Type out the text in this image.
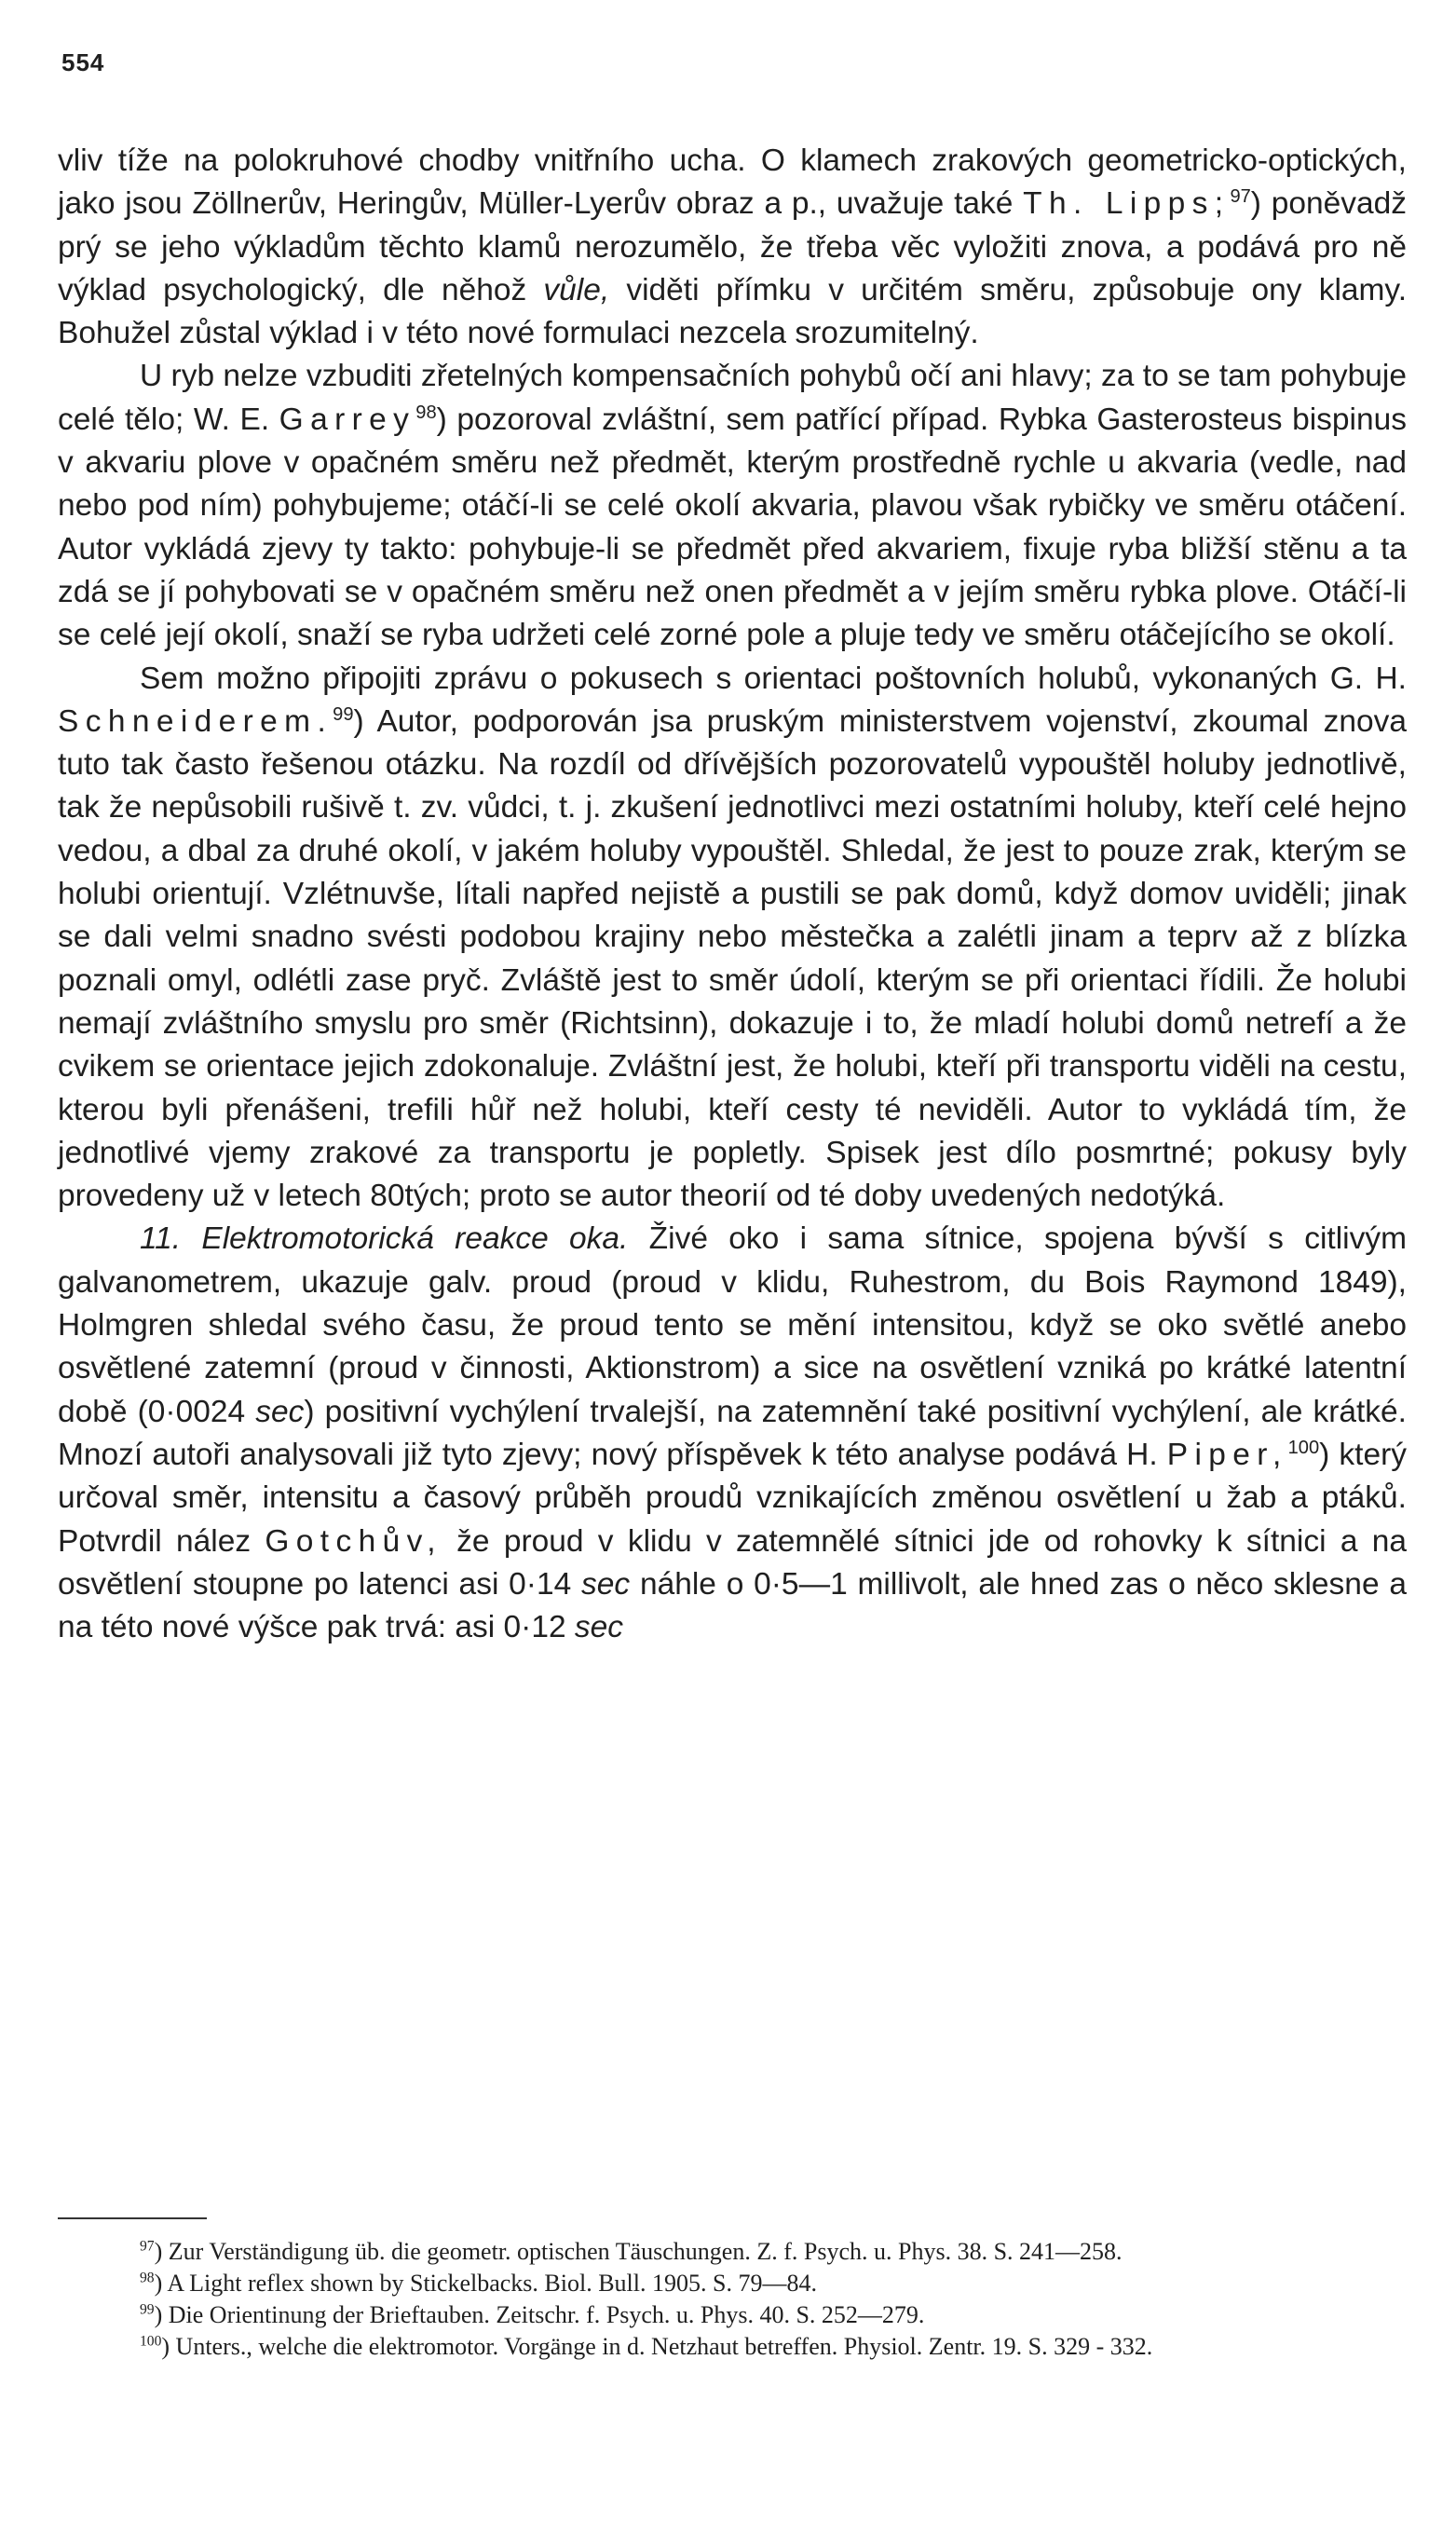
554

vliv tíže na polokruhové chodby vnitřního ucha. O klamech zrakových geometricko-optických, jako jsou Zöllnerův, Heringův, Müller-Lyerův obraz a p., uvažuje také Th. Lipps;$^{97}$) poněvadž prý se jeho výkladům těchto klamů nerozumělo, že třeba věc vyložiti znova, a podává pro ně výklad psychologický, dle něhož vůle, viděti přímku v určitém směru, způsobuje ony klamy. Bohužel zůstal výklad i v této nové formulaci nezcela srozumitelný.

U ryb nelze vzbuditi zřetelných kompensačních pohybů očí ani hlavy; za to se tam pohybuje celé tělo; W. E. Garrey$^{98}$) pozoroval zvláštní, sem patřící případ. Rybka Gasterosteus bispinus v akvariu plove v opačném směru než předmět, kterým prostředně rychle u akvaria (vedle, nad nebo pod ním) pohybujeme; otáčí-li se celé okolí akvaria, plavou však rybičky ve směru otáčení. Autor vykládá zjevy ty takto: pohybuje-li se předmět před akvariem, fixuje ryba bližší stěnu a ta zdá se jí pohybovati se v opačném směru než onen předmět a v jejím směru rybka plove. Otáčí-li se celé její okolí, snaží se ryba udržeti celé zorné pole a pluje tedy ve směru otáčejícího se okolí.

Sem možno připojiti zprávu o pokusech s orientaci poštovních holubů, vykonaných G. H. Schneiderem.$^{99}$) Autor, podporován jsa pruským ministerstvem vojenství, zkoumal znova tuto tak často řešenou otázku. Na rozdíl od dřívějších pozorovatelů vypouštěl holuby jednotlivě, tak že nepůsobili rušivě t. zv. vůdci, t. j. zkušení jednotlivci mezi ostatními holuby, kteří celé hejno vedou, a dbal za druhé okolí, v jakém holuby vypouštěl. Shledal, že jest to pouze zrak, kterým se holubi orientují. Vzlétnuvše, lítali napřed nejistě a pustili se pak domů, když domov uviděli; jinak se dali velmi snadno svésti podobou krajiny nebo městečka a zalétli jinam a teprv až z blízka poznali omyl, odlétli zase pryč. Zvláště jest to směr údolí, kterým se při orientaci řídili. Že holubi nemají zvláštního smyslu pro směr (Richtsinn), dokazuje i to, že mladí holubi domů netrefí a že cvikem se orientace jejich zdokonaluje. Zvláštní jest, že holubi, kteří při transportu viděli na cestu, kterou byli přenášeni, trefili hůř než holubi, kteří cesty té neviděli. Autor to vykládá tím, že jednotlivé vjemy zrakové za transportu je popletly. Spisek jest dílo posmrtné; pokusy byly provedeny už v letech 80tých; proto se autor theorií od té doby uvedených nedotýká.

11. Elektromotorická reakce oka. Živé oko i sama sítnice, spojena bývší s citlivým galvanometrem, ukazuje galv. proud (proud v klidu, Ruhestrom, du Bois Raymond 1849), Holmgren shledal svého času, že proud tento se mění intensitou, když se oko světlé anebo osvětlené zatemní (proud v činnosti, Aktionstrom) a sice na osvětlení vzniká po krátké latentní době (0·0024 sec) positivní vychýlení trvalejší, na zatemnění také positivní vychýlení, ale krátké. Mnozí autoři analysovali již tyto zjevy; nový příspěvek k této analyse podává H. Piper,$^{100}$) který určoval směr, intensitu a časový průběh proudů vznikajících změnou osvětlení u žab a ptáků. Potvrdil nález Gotchův, že proud v klidu v zatemnělé sítnici jde od rohovky k sítnici a na osvětlení stoupne po latenci asi 0·14 sec náhle o 0·5—1 millivolt, ale hned zas o něco sklesne a na této nové výšce pak trvá: asi 0·12 sec

$^{97}$) Zur Verständigung üb. die geometr. optischen Täuschungen. Z. f. Psych. u. Phys. 38. S. 241—258.

$^{98}$) A Light reflex shown by Stickelbacks. Biol. Bull. 1905. S. 79—84.

$^{99}$) Die Orientinung der Brieftauben. Zeitschr. f. Psych. u. Phys. 40. S. 252—279.

$^{100}$) Unters., welche die elektromotor. Vorgänge in d. Netzhaut betreffen. Physiol. Zentr. 19. S. 329 - 332.
